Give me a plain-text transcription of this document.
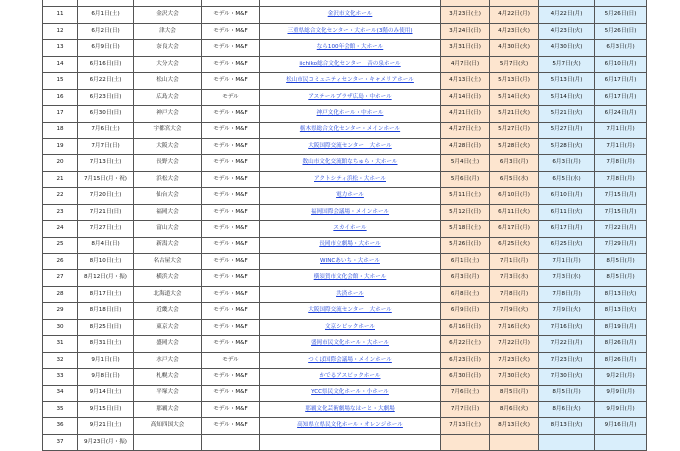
11	6月1日(土)	金沢大会	モデル・M&F	金沢市文化ホール	3月23日(土)	4月22日(月)	4月22日(月)	5月26日(日)
12	6月2日(日)	津大会	モデル・M&F	三重県総合文化センター・大ホール(3階のみ使用)	3月24日(日)	4月23日(火)	4月23日(火)	5月26日(日)
13	6月9日(日)	奈良大会	モデル・M&F	なら100年会館・大ホール	3月31日(日)	4月30日(火)	4月30日(火)	6月3日(月)
14	6月16日(日)	大分大会	モデル・M&F	iichiko総合文化センター　音の泉ホール	4月7日(日)	5月7日(火)	5月7日(火)	6月10日(月)
15	6月22日(土)	松山大会	モデル・M&F	松山市民コミュニティセンター・キャメリアホール	4月13日(土)	5月13日(月)	5月13日(月)	6月17日(月)
16	6月23日(日)	広島大会	モデル	アステールプラザ広島・中ホール	4月14日(日)	5月14日(火)	5月14日(火)	6月17日(月)
17	6月30日(日)	神戸大会	モデル・M&F	神戸文化ホール・中ホール	4月21日(日)	5月21日(火)	5月21日(火)	6月24日(月)
18	7月6日(土)	宇都宮大会	モデル・M&F	栃木県総合文化センター・メインホール	4月27日(土)	5月27日(月)	5月27日(月)	7月1日(月)
19	7月7日(日)	大阪大会	モデル・M&F	大阪国際交流センター　大ホール	4月28日(日)	5月28日(火)	5月28日(火)	7月1日(月)
20	7月13日(土)	長野大会	モデル・M&F	数山市文化交流館なちゅら・大ホール	5月4日(土)	6月3日(月)	6月3日(月)	7月8日(月)
21	7月15日(月・祝)	浜松大会	モデル・M&F	アクトシティ浜松・大ホール	5月6日(月)	6月5日(水)	6月5日(水)	7月8日(月)
22	7月20日(土)	仙台大会	モデル・M&F	電力ホール	5月11日(土)	6月10日(月)	6月10日(月)	7月15日(月)
23	7月21日(日)	福岡大会	モデル・M&F	福岡国際会議場・メインホール	5月12日(日)	6月11日(火)	6月11日(火)	7月15日(月)
24	7月27日(土)	富山大会	モデル・M&F	スカイホール	5月18日(土)	6月17日(月)	6月17日(月)	7月22日(月)
25	8月4日(日)	新潟大会	モデル・M&F	長岡市立劇場・大ホール	5月26日(日)	6月25日(火)	6月25日(火)	7月29日(月)
26	8月10日(土)	名古屋大会	モデル・M&F	WINCあいち・大ホール	6月1日(土)	7月1日(月)	7月1日(月)	8月5日(月)
27	8月12日(月・振)	横浜大会	モデル・M&F	横須賀市文化会館・大ホール	6月3日(月)	7月3日(水)	7月3日(水)	8月5日(月)
28	8月17日(土)	北海道大会	モデル・M&F	共済ホール	6月8日(土)	7月8日(月)	7月8日(月)	8月13日(火)
29	8月18日(日)	近畿大会	モデル・M&F	大阪国際交流センター　大ホール	6月9日(日)	7月9日(火)	7月9日(火)	8月13日(火)
30	8月25日(日)	東京大会	モデル・M&F	文京シビックホール	6月16日(日)	7月16日(火)	7月16日(火)	8月19日(月)
31	8月31日(土)	盛岡大会	モデル・M&F	盛岡市民文化ホール・大ホール	6月22日(土)	7月22日(月)	7月22日(月)	8月26日(月)
32	9月1日(日)	水戸大会	モデル	つくば国際会議場・メインホール	6月23日(日)	7月23日(火)	7月23日(火)	8月26日(月)
33	9月8日(日)	札幌大会	モデル・M&F	かでるアスビックホール	6月30日(日)	7月30日(火)	7月30日(火)	9月2日(月)
34	9月14日(土)	平塚大会	モデル・M&F	YCC県民文化ホール・小ホール	7月6日(土)	8月5日(月)	8月5日(月)	9月9日(月)
35	9月15日(日)	那覇大会	モデル・M&F	那覇文化芸術劇場なはーと・大劇場	7月7日(日)	8月6日(火)	8月6日(火)	9月9日(月)
36	9月21日(土)	高知四国大会	モデル・M&F	高知県立県民文化ホール・オレンジホール	7月13日(土)	8月13日(火)	8月13日(火)	9月16日(月)
37	9月23日(月・振)							
